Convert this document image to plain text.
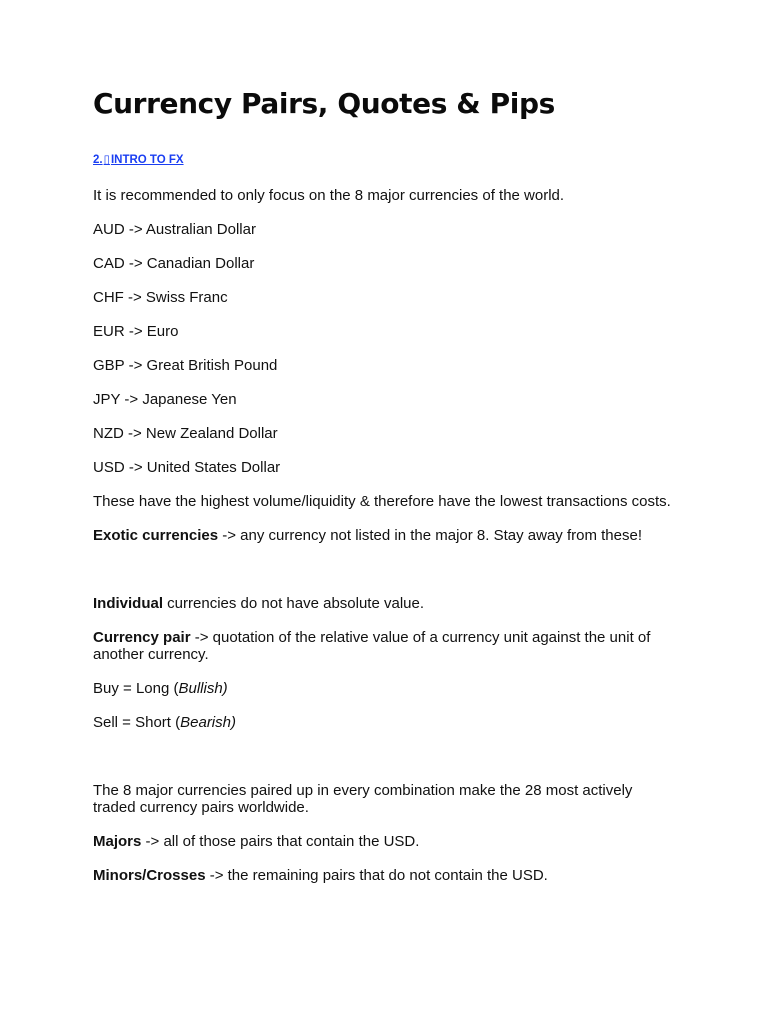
Currency Pairs, Quotes & Pips
2.▯INTRO TO FX

It is recommended to only focus on the 8 major currencies of the world.

AUD -> Australian Dollar

CAD -> Canadian Dollar

CHF -> Swiss Franc

EUR -> Euro

GBP -> Great British Pound

JPY -> Japanese Yen

NZD -> New Zealand Dollar

USD -> United States Dollar

These have the highest volume/liquidity & therefore have the lowest transactions costs.

Exotic currencies -> any currency not listed in the major 8. Stay away from these!

Individual currencies do not have absolute value.

Currency pair -> quotation of the relative value of a currency unit against the unit of another currency.

Buy = Long (Bullish)

Sell = Short (Bearish)

The 8 major currencies paired up in every combination make the 28 most actively traded currency pairs worldwide.

Majors -> all of those pairs that contain the USD.

Minors/Crosses -> the remaining pairs that do not contain the USD.
